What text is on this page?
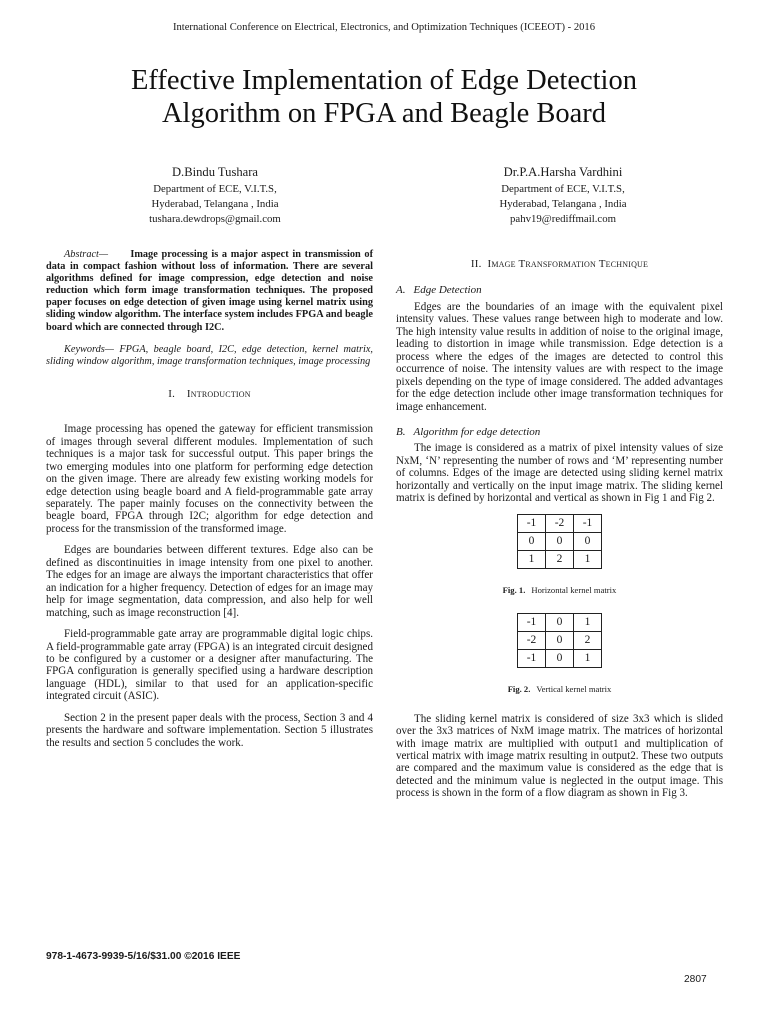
International Conference on Electrical, Electronics, and Optimization Techniques (ICEEOT) - 2016
Effective Implementation of Edge Detection
Algorithm on FPGA and Beagle Board
D.Bindu Tushara
Department of ECE, V.I.T.S,
Hyderabad, Telangana , India
tushara.dewdrops@gmail.com
Dr.P.A.Harsha Vardhini
Department of ECE, V.I.T.S,
Hyderabad, Telangana , India
pahv19@rediffmail.com

Abstract— Image processing is a major aspect in transmission of data in compact fashion without loss of information. There are several algorithms defined for image compression, edge detection and noise reduction which form image transformation techniques. The proposed paper focuses on edge detection of given image using kernel matrix using sliding window algorithm. The interface system includes FPGA and beagle board which are connected through I2C.

Keywords— FPGA, beagle board, I2C, edge detection, kernel matrix, sliding window algorithm, image transformation techniques, image processing

I. Introduction

Image processing has opened the gateway for efficient transmission of images through several different modules. Implementation of such techniques is a major task for successful output. This paper brings the two emerging modules into one platform for performing edge detection on the given image. There are already few existing working models for edge detection using beagle board and A field-programmable gate array separately. The paper mainly focuses on the connectivity between the beagle board, FPGA through I2C; algorithm for edge detection and process for the transmission of the transformed image.

Edges are boundaries between different textures. Edge also can be defined as discontinuities in image intensity from one pixel to another. The edges for an image are always the important characteristics that offer an indication for a higher frequency. Detection of edges for an image may help for image segmentation, data compression, and also help for well matching, such as image reconstruction [4].

Field-programmable gate array are programmable digital logic chips. A field-programmable gate array (FPGA) is an integrated circuit designed to be configured by a customer or a designer after manufacturing. The FPGA configuration is generally specified using a hardware description language (HDL), similar to that used for an application-specific integrated circuit (ASIC).

Section 2 in the present paper deals with the process, Section 3 and 4 presents the hardware and software implementation. Section 5 illustrates the results and section 5 concludes the work.

II. Image Transformation Technique

A. Edge Detection

Edges are the boundaries of an image with the equivalent pixel intensity values. These values range between high to moderate and low. The high intensity value results in addition of noise to the original image, leading to distortion in image while transmission. Edge detection is a process where the edges of the images are detected to control this occurrence of noise. The intensity values are with respect to the image pixels depending on the type of image considered. The added advantages for the edge detection include other image transformation techniques for image enhancement.

B. Algorithm for edge detection

The image is considered as a matrix of pixel intensity values of size NxM, ‘N’ representing the number of rows and ‘M’ representing number of columns. Edges of the image are detected using sliding kernel matrix horizontally and vertically on the input image matrix. The sliding kernel matrix is defined by horizontal and vertical as shown in Fig 1 and Fig 2.

-1	-2	-1
0	0	0
1	2	1

Fig. 1. Horizontal kernel matrix

-1	0	1
-2	0	2
-1	0	1

Fig. 2. Vertical kernel matrix

The sliding kernel matrix is considered of size 3x3 which is slided over the 3x3 matrices of NxM image matrix. The matrices of horizontal with image matrix are multiplied with output1 and multiplication of vertical matrix with image matrix resulting in output2. These two outputs are compared and the maximum value is considered as the edge that is detected and the minimum value is neglected in the output image. This process is shown in the form of a flow diagram as shown in Fig 3.

978-1-4673-9939-5/16/$31.00 ©2016 IEEE
2807
